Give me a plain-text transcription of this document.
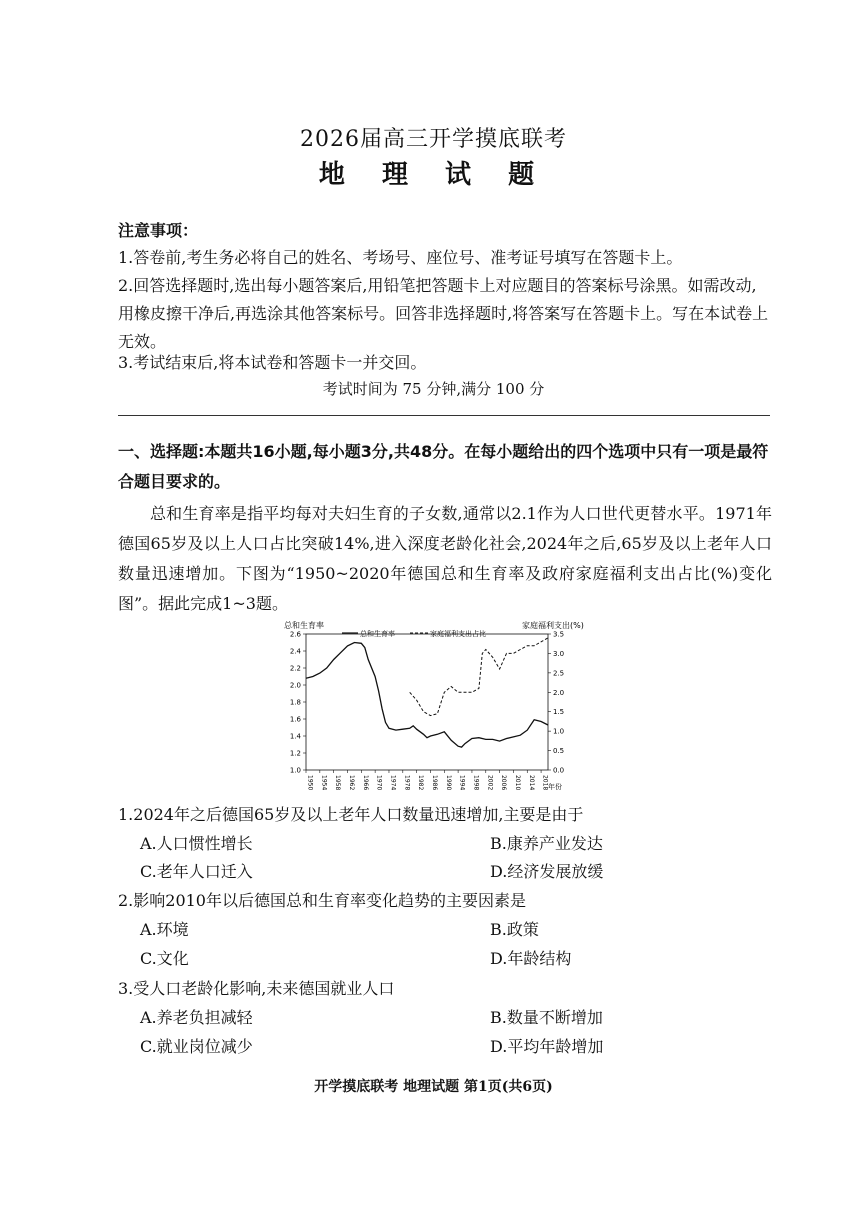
2026届高三开学摸底联考
地 理 试 题
注意事项：
1.答卷前,考生务必将自己的姓名、考场号、座位号、准考证号填写在答题卡上。
2.回答选择题时,选出每小题答案后,用铅笔把答题卡上对应题目的答案标号涂黑。如需改动,用橡皮擦干净后,再选涂其他答案标号。回答非选择题时,将答案写在答题卡上。写在本试卷上无效。
3.考试结束后,将本试卷和答题卡一并交回。
考试时间为 75 分钟,满分 100 分
一、选择题:本题共16小题,每小题3分,共48分。在每小题给出的四个选项中只有一项是最符合题目要求的。
总和生育率是指平均每对夫妇生育的子女数,通常以2.1作为人口世代更替水平。1971年德国65岁及以上人口占比突破14%,进入深度老龄化社会,2024年之后,65岁及以上老年人口数量迅速增加。下图为“1950~2020年德国总和生育率及政府家庭福利支出占比(%)变化图”。据此完成1~3题。
总和生育率	家庭福利支出(%)
总和生育率	家庭福利支出占比
1.0
1.2
1.4
1.6
1.8
2.0
2.2
2.4
2.6
0.0
0.5
1.0
1.5
2.0
2.5
3.0
3.5
1950 1954 1958 1962 1966 1970 1974 1978 1982 1986 1990 1994 1998 2002 2006 2010 2014 2018 年份
1.2024年之后德国65岁及以上老年人口数量迅速增加,主要是由于
A.人口惯性增长	B.康养产业发达
C.老年人口迁入	D.经济发展放缓
2.影响2010年以后德国总和生育率变化趋势的主要因素是
A.环境	B.政策
C.文化	D.年龄结构
3.受人口老龄化影响,未来德国就业人口
A.养老负担减轻	B.数量不断增加
C.就业岗位减少	D.平均年龄增加
开学摸底联考 地理试题 第1页(共6页)
